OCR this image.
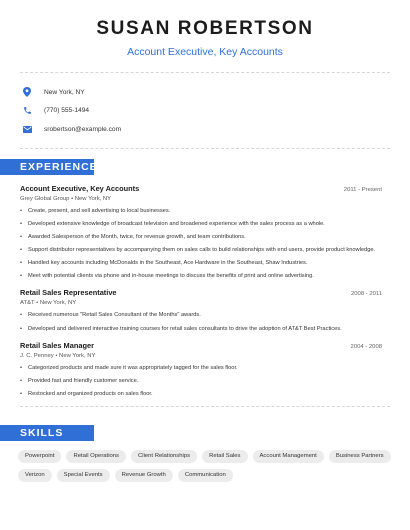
SUSAN ROBERTSON
Account Executive, Key Accounts
New York, NY
(770) 555-1494
srobertson@example.com
EXPERIENCE
Account Executive, Key Accounts	2011 - Present
Grey Global Group • New York, NY
• Create, present, and sell advertising to local businesses.
• Developed extensive knowledge of broadcast television and broadened experience with the sales process as a whole.
• Awarded Salesperson of the Month, twice, for revenue growth, and team contributions.
• Support distributor representatives by accompanying them on sales calls to build relationships with end users, provide product knowledge.
• Handled key accounts including McDonalds in the Southeast, Ace Hardware in the Southeast, Shaw Industries.
• Meet with potential clients via phone and in-house meetings to discuss the benefits of print and online advertising.
Retail Sales Representative	2008 - 2011
AT&T • New York, NY
• Received numerous "Retail Sales Consultant of the Months" awards.
• Developed and delivered interactive training courses for retail sales consultants to drive the adoption of AT&T Best Practices.
Retail Sales Manager	2004 - 2008
J. C. Penney • New York, NY
• Categorized products and made sure it was appropriately tagged for the sales floor.
• Provided fast and friendly customer service.
• Restocked and organized products on sales floor.
SKILLS
Powerpoint	Retail Operations	Client Relationships	Retail Sales	Account Management	Business Partners
Verizon	Special Events	Revenue Growth	Communication
